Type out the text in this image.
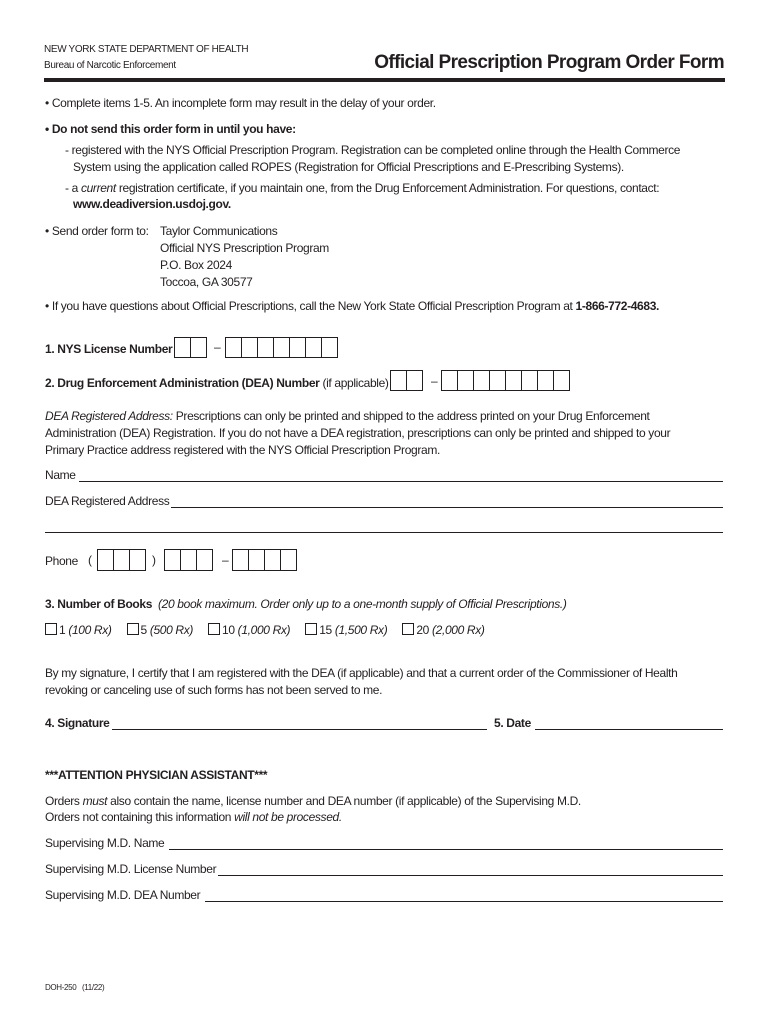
NEW YORK STATE DEPARTMENT OF HEALTH
Bureau of Narcotic Enforcement	Official Prescription Program Order Form
• Complete items 1-5. An incomplete form may result in the delay of your order.
• Do not send this order form in until you have:
- registered with the NYS Official Prescription Program. Registration can be completed online through the Health Commerce
System using the application called ROPES (Registration for Official Prescriptions and E-Prescribing Systems).
- a current registration certificate, if you maintain one, from the Drug Enforcement Administration. For questions, contact:
www.deadiversion.usdoj.gov.
• Send order form to: Taylor Communications
Official NYS Prescription Program
P.O. Box 2024
Toccoa, GA 30577
• If you have questions about Official Prescriptions, call the New York State Official Prescription Program at 1-866-772-4683.
1. NYS License Number	–
2. Drug Enforcement Administration (DEA) Number (if applicable)	–
DEA Registered Address: Prescriptions can only be printed and shipped to the address printed on your Drug Enforcement
Administration (DEA) Registration. If you do not have a DEA registration, prescriptions can only be printed and shipped to your
Primary Practice address registered with the NYS Official Prescription Program.
Name
DEA Registered Address
Phone (	)	–
3. Number of Books (20 book maximum. Order only up to a one-month supply of Official Prescriptions.)
1 (100 Rx) 5 (500 Rx) 10 (1,000 Rx) 15 (1,500 Rx) 20 (2,000 Rx)
By my signature, I certify that I am registered with the DEA (if applicable) and that a current order of the Commissioner of Health
revoking or canceling use of such forms has not been served to me.
4. Signature	5. Date
***ATTENTION PHYSICIAN ASSISTANT***
Orders must also contain the name, license number and DEA number (if applicable) of the Supervising M.D.
Orders not containing this information will not be processed.
Supervising M.D. Name
Supervising M.D. License Number
Supervising M.D. DEA Number
DOH-250   (11/22)
